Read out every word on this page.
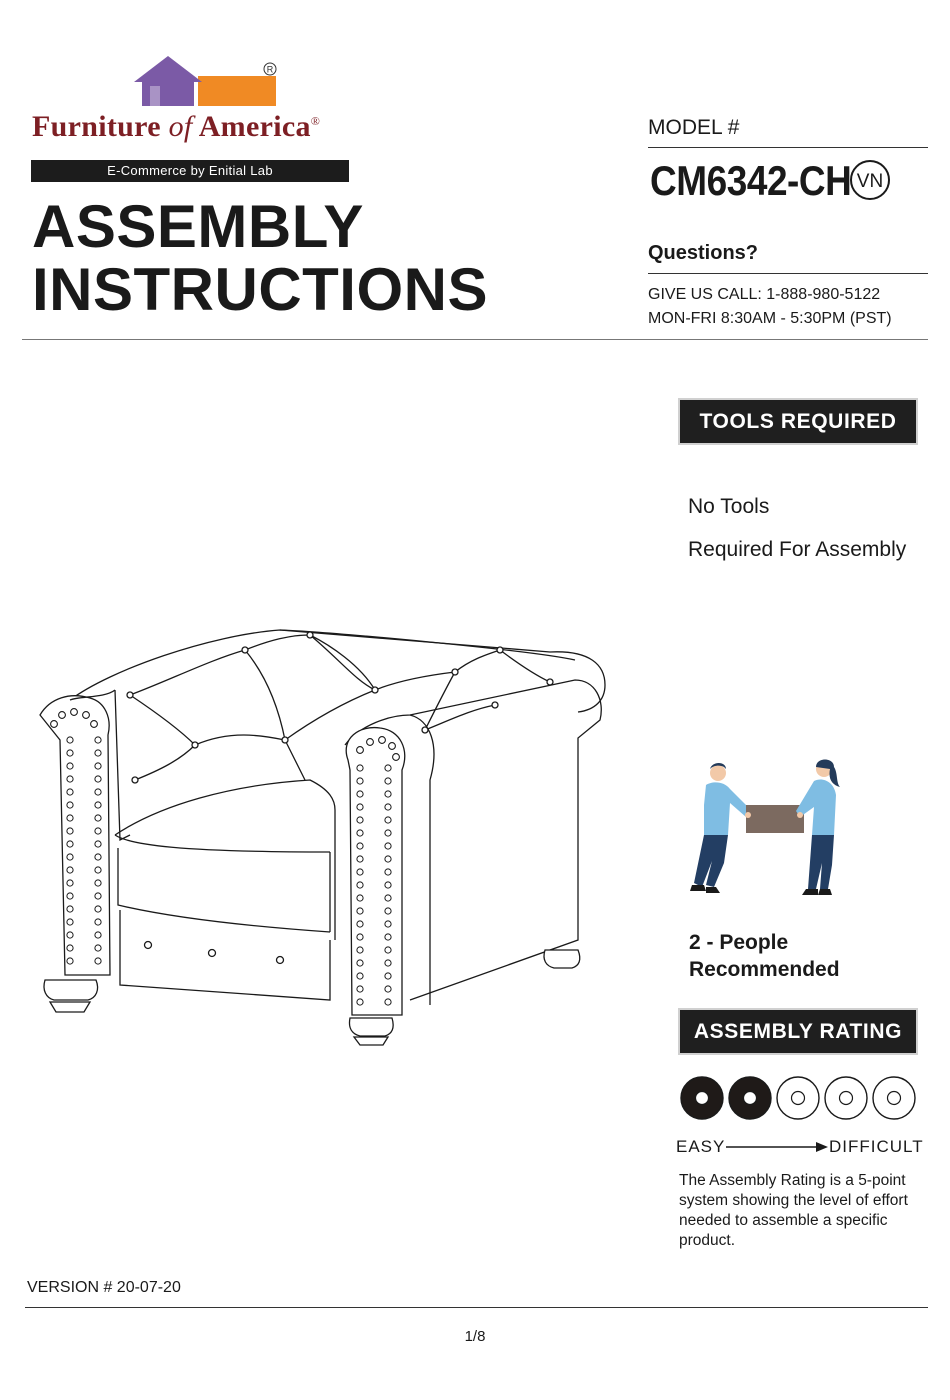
R
Furniture of America®
E-Commerce by Enitial Lab
ASSEMBLY
INSTRUCTIONS
MODEL #
CM6342-CH VN
Questions?
GIVE US CALL: 1-888-980-5122
MON-FRI 8:30AM - 5:30PM (PST)
TOOLS REQUIRED
No Tools
Required For Assembly
2 - People
Recommended
ASSEMBLY RATING
EASY	DIFFICULT
The Assembly Rating is a 5-point system showing the level of effort needed to assemble a specific product.
VERSION # 20-07-20
1/8
